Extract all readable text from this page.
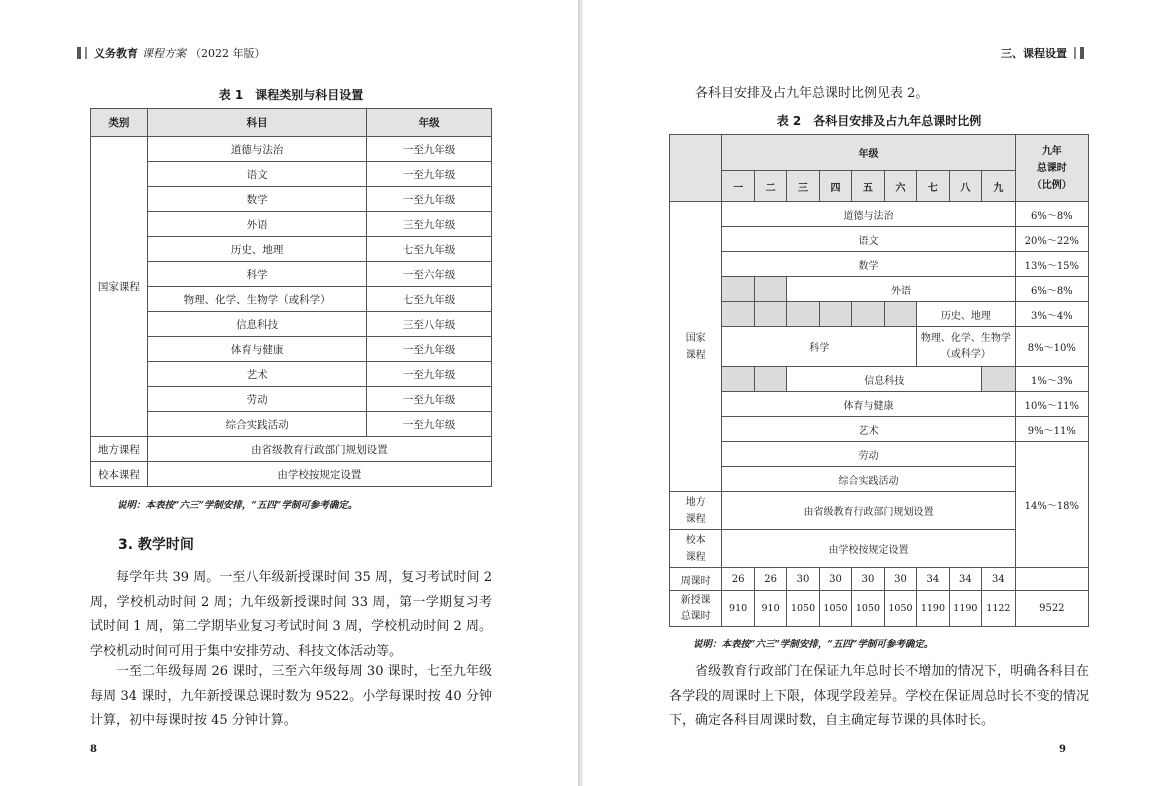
义务教育 课程方案 （2022 年版）
表 1　课程类别与科目设置
类别	科目	年级
国家课程	道德与法治	一至九年级
	语文	一至九年级
	数学	一至九年级
	外语	三至九年级
	历史、地理	七至九年级
	科学	一至六年级
	物理、化学、生物学（或科学）	七至九年级
	信息科技	三至八年级
	体育与健康	一至九年级
	艺术	一至九年级
	劳动	一至九年级
	综合实践活动	一至九年级
地方课程	由省级教育行政部门规划设置	
校本课程	由学校按规定设置	
说明：本表按“六三”学制安排，“五四”学制可参考确定。
3. 教学时间

每学年共 39 周。一至八年级新授课时间 35 周，复习考试时间 2 周，学校机动时间 2 周；九年级新授课时间 33 周，第一学期复习考试时间 1 周，第二学期毕业复习考试时间 3 周，学校机动时间 2 周。学校机动时间可用于集中安排劳动、科技文体活动等。

一至二年级每周 26 课时，三至六年级每周 30 课时，七至九年级每周 34 课时，九年新授课总课时数为 9522。小学每课时按 40 分钟计算，初中每课时按 45 分钟计算。

8
三、课程设置

各科目安排及占九年总课时比例见表 2。

表 2　各科目安排及占九年总课时比例
	年级									九年
总课时
（比例）

	一	二	三	四	五	六	七	八	九	

国家
课程	道德与法治									6%～8%
	语文									20%～22%
	数学									13%～15%
			外语							6%～8%
							历史、地理			3%～4%
	科学						物理、化学、生物学（或科学）			8%～10%
			信息科技							1%～3%
	体育与健康									10%～11%
	艺术									9%～11%
	劳动									14%～18%
	综合实践活动									

地方
课程	由省级教育行政部门规划设置									

校本
课程	由学校按规定设置									
周课时	26	26	30	30	30	30	34	34	34	

新授课
总课时	910	910	1050	1050	1050	1050	1190	1190	1122	9522
说明：本表按“六三”学制安排，“五四”学制可参考确定。

省级教育行政部门在保证九年总时长不增加的情况下，明确各科目在各学段的周课时上下限，体现学段差异。学校在保证周总时长不变的情况下，确定各科目周课时数，自主确定每节课的具体时长。

9
